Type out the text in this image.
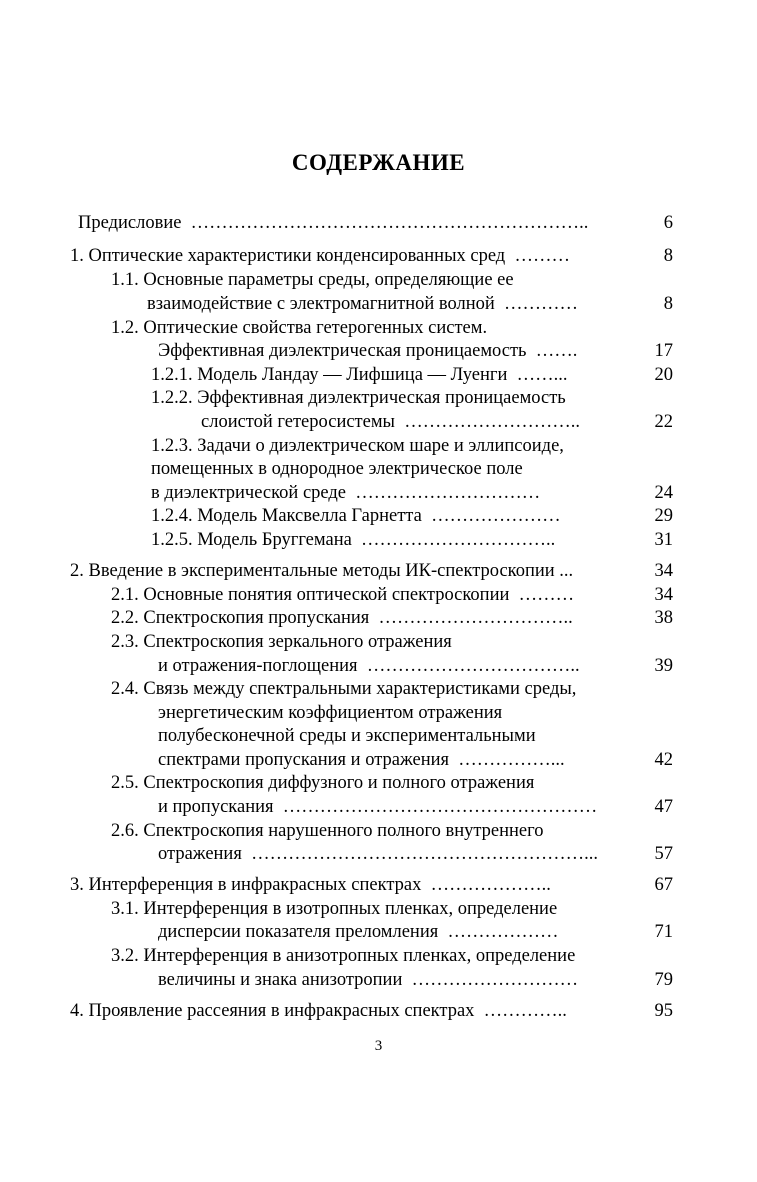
СОДЕРЖАНИЕ
Предисловие  ………………………………………………………..	6
1. Оптические характеристики конденсированных сред  ………	8
1.1. Основные параметры среды, определяющие ее
взаимодействие с электромагнитной волной  …………	8
1.2. Оптические свойства гетерогенных систем.
Эффективная диэлектрическая проницаемость  …….	17
1.2.1. Модель Ландау — Лифшица — Луенги  ……...	20
1.2.2. Эффективная диэлектрическая проницаемость
слоистой гетеросистемы  ………………………..	22
1.2.3. Задачи о диэлектрическом шаре и эллипсоиде,
помещенных в однородное электрическое поле
в диэлектрической среде  …………………………	24
1.2.4. Модель Максвелла Гарнетта  …………………	29
1.2.5. Модель Бруггемана  …………………………..	31
2. Введение в экспериментальные методы ИК-спектроскопии ...	34
2.1. Основные понятия оптической спектроскопии  ………	34
2.2. Спектроскопия пропускания  …………………………..	38
2.3. Спектроскопия зеркального отражения
и отражения-поглощения  ……………………………..	39
2.4. Связь между спектральными характеристиками среды,
энергетическим коэффициентом отражения
полубесконечной среды и экспериментальными
спектрами пропускания и отражения  ……………...	42
2.5. Спектроскопия диффузного и полного отражения
и пропускания  ……………………………………………	47
2.6. Спектроскопия нарушенного полного внутреннего
отражения  ………………………………………………...	57
3. Интерференция в инфракрасных спектрах  ………………..	67
3.1. Интерференция в изотропных пленках, определение
дисперсии показателя преломления  ………………	71
3.2. Интерференция в анизотропных пленках, определение
величины и знака анизотропии  ………………………	79
4. Проявление рассеяния в инфракрасных спектрах  …………..	95
3
